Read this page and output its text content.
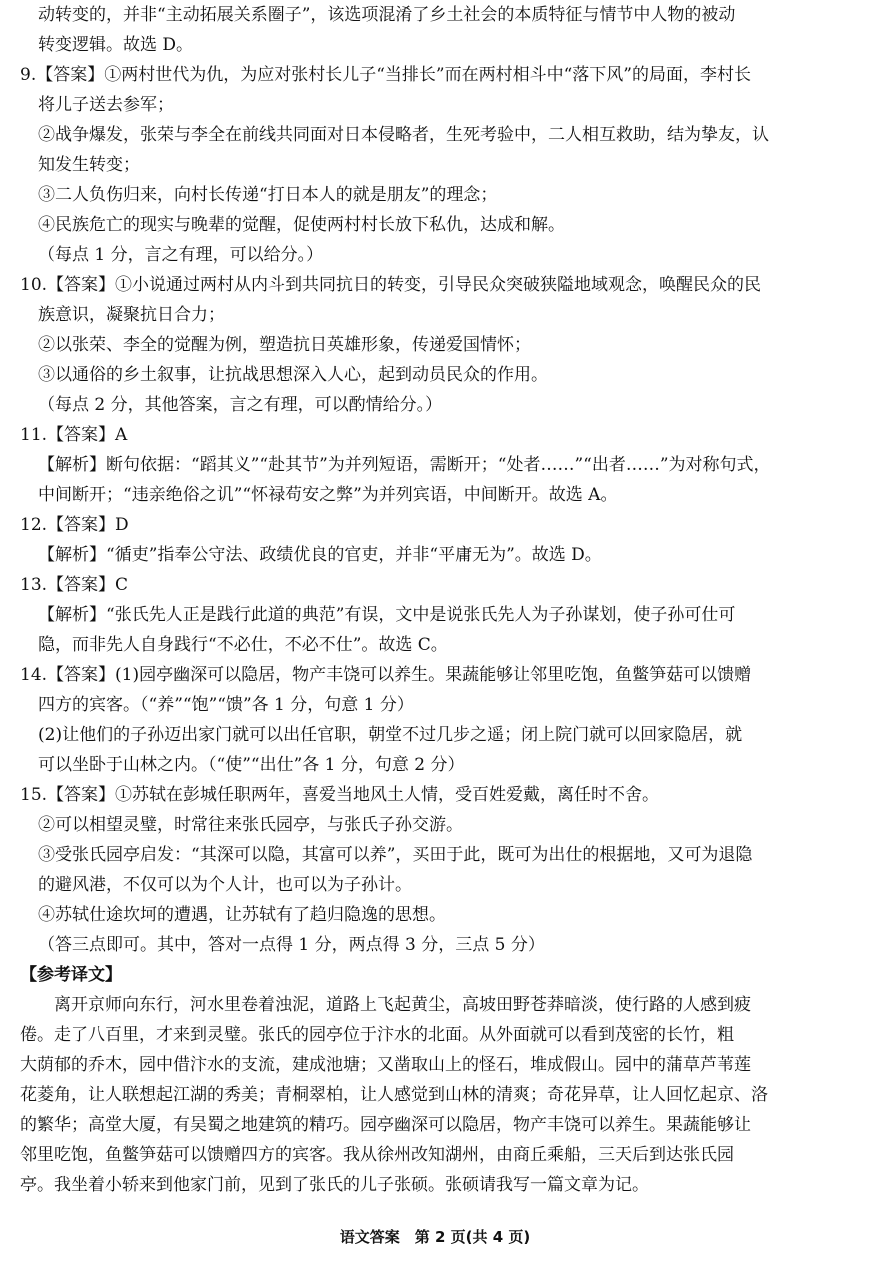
动转变的，并非“主动拓展关系圈子”，该选项混淆了乡土社会的本质特征与情节中人物的被动
转变逻辑。故选 D。
9.【答案】①两村世代为仇，为应对张村长儿子“当排长”而在两村相斗中“落下风”的局面，李村长
将儿子送去参军；
②战争爆发，张荣与李全在前线共同面对日本侵略者，生死考验中，二人相互救助，结为挚友，认
知发生转变；
③二人负伤归来，向村长传递“打日本人的就是朋友”的理念；
④民族危亡的现实与晚辈的觉醒，促使两村村长放下私仇，达成和解。
（每点 1 分，言之有理，可以给分。）
10.【答案】①小说通过两村从内斗到共同抗日的转变，引导民众突破狭隘地域观念，唤醒民众的民
族意识，凝聚抗日合力；
②以张荣、李全的觉醒为例，塑造抗日英雄形象，传递爱国情怀；
③以通俗的乡土叙事，让抗战思想深入人心，起到动员民众的作用。
（每点 2 分，其他答案，言之有理，可以酌情给分。）
11.【答案】A
【解析】断句依据：“蹈其义”“赴其节”为并列短语，需断开；“处者……”“出者……”为对称句式，
中间断开；“违亲绝俗之讥”“怀禄苟安之弊”为并列宾语，中间断开。故选 A。
12.【答案】D
【解析】“循吏”指奉公守法、政绩优良的官吏，并非“平庸无为”。故选 D。
13.【答案】C
【解析】“张氏先人正是践行此道的典范”有误，文中是说张氏先人为子孙谋划，使子孙可仕可
隐，而非先人自身践行“不必仕，不必不仕”。故选 C。
14.【答案】(1)园亭幽深可以隐居，物产丰饶可以养生。果蔬能够让邻里吃饱，鱼鳖笋菇可以馈赠
四方的宾客。（“养”“饱”“馈”各 1 分，句意 1 分）
(2)让他们的子孙迈出家门就可以出任官职，朝堂不过几步之遥；闭上院门就可以回家隐居，就
可以坐卧于山林之内。（“使”“出仕”各 1 分，句意 2 分）
15.【答案】①苏轼在彭城任职两年，喜爱当地风土人情，受百姓爱戴，离任时不舍。
②可以相望灵璧，时常往来张氏园亭，与张氏子孙交游。
③受张氏园亭启发：“其深可以隐，其富可以养”，买田于此，既可为出仕的根据地，又可为退隐
的避风港，不仅可以为个人计，也可以为子孙计。
④苏轼仕途坎坷的遭遇，让苏轼有了趋归隐逸的思想。
（答三点即可。其中，答对一点得 1 分，两点得 3 分，三点 5 分）
【参考译文】
离开京师向东行，河水里卷着浊泥，道路上飞起黄尘，高坡田野苍莽暗淡，使行路的人感到疲
倦。走了八百里，才来到灵璧。张氏的园亭位于汴水的北面。从外面就可以看到茂密的长竹，粗
大荫郁的乔木，园中借汴水的支流，建成池塘；又凿取山上的怪石，堆成假山。园中的蒲草芦苇莲
花菱角，让人联想起江湖的秀美；青桐翠柏，让人感觉到山林的清爽；奇花异草，让人回忆起京、洛
的繁华；高堂大厦，有吴蜀之地建筑的精巧。园亭幽深可以隐居，物产丰饶可以养生。果蔬能够让
邻里吃饱，鱼鳖笋菇可以馈赠四方的宾客。我从徐州改知湖州，由商丘乘船，三天后到达张氏园
亭。我坐着小轿来到他家门前，见到了张氏的儿子张硕。张硕请我写一篇文章为记。
语文答案　第 2 页(共 4 页)
